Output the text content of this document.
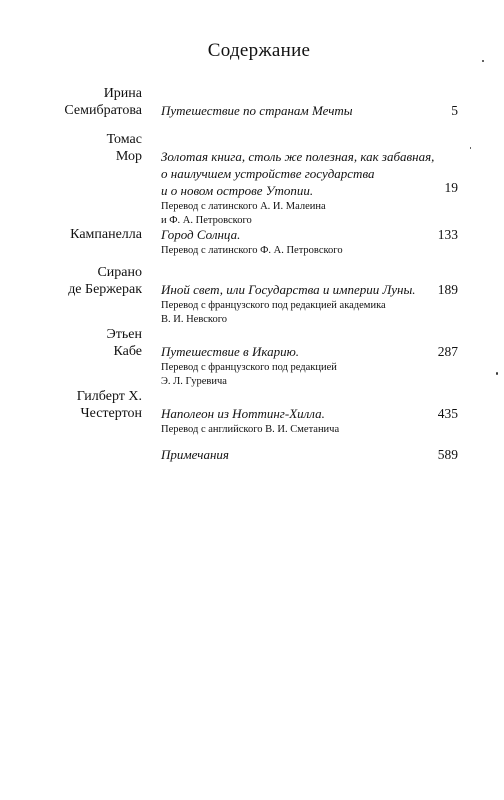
Содержание
Ирина
Семибратова Путешествие по странам Мечты	5
Томас
Мор Золотая книга, столь же полезная, как забавная,
о наилучшем устройстве государства
и о новом острове Утопии.
Перевод с латинского А. И. Малеина
и Ф. А. Петровского
19
Кампанелла Город Солнца.
Перевод с латинского Ф. А. Петровского
133
Сирано
де Бержерак Иной свет, или Государства и империи Луны.
Перевод с французского под редакцией академика
В. И. Невского
189
Этьен
Кабе Путешествие в Икарию.
Перевод с французского под редакцией
Э. Л. Гуревича
287
Гилберт Х.
Честертон Наполеон из Ноттинг-Хилла.
Перевод с английского В. И. Сметанича
435
Примечания	589
